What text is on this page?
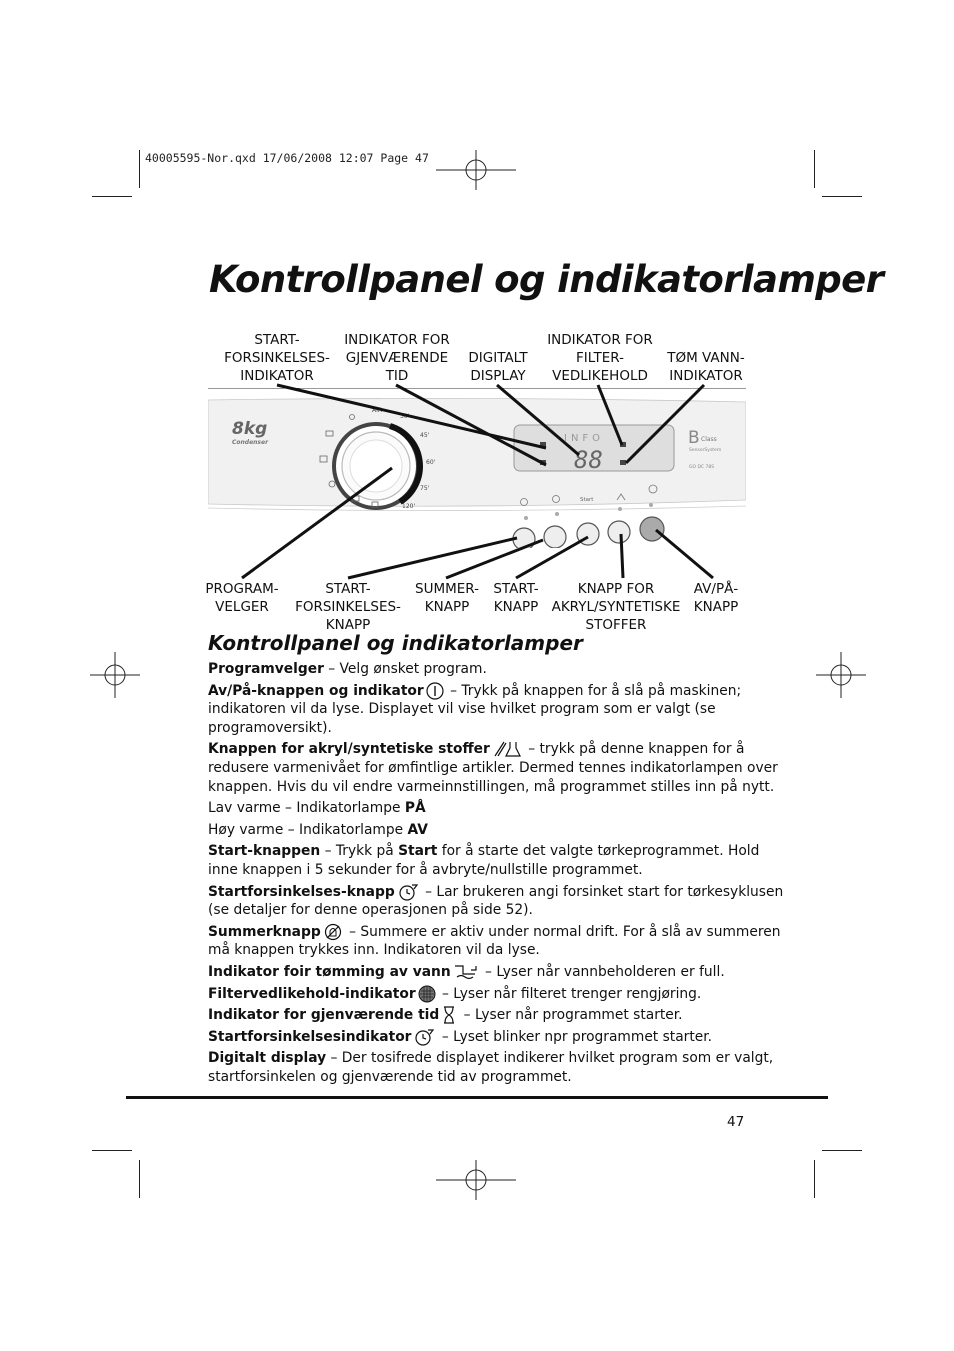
40005595-Nor.qxd 17/06/2008 12:07 Page 47
Kontrollpanel og indikatorlamper
START-
FORSINKELSES-
INDIKATOR
INDIKATOR FOR
GJENVÆRENDE
TID
DIGITALT
DISPLAY
INDIKATOR FOR
FILTER-
VEDLIKEHOLD
TØM VANN-
INDIKATOR
8kg
Condenser
AIR
30'
45'
60'
75'
120'
INFO
88
B Class
SensorSystem
GO DC 78S
Start
PROGRAM-
VELGER
START-
FORSINKELSES-
KNAPP
SUMMER-
KNAPP
START-
KNAPP
KNAPP FOR
AKRYL/SYNTETISKE
STOFFER
AV/PÅ-
KNAPP
Kontrollpanel og indikatorlamper

Programvelger – Velg ønsket program.

Av/På-knappen og indikator – Trykk på knappen for å slå på maskinen; indikatoren vil da lyse. Displayet vil vise hvilket program som er valgt (se programoversikt).

Knappen for akryl/syntetiske stoffer – trykk på denne knappen for å redusere varmenivået for ømfintlige artikler. Dermed tennes indikatorlampen over knappen. Hvis du vil endre varmeinnstillingen, må programmet stilles inn på nytt.

Lav varme – Indikatorlampe PÅ

Høy varme – Indikatorlampe AV

Start-knappen – Trykk på Start for å starte det valgte tørkeprogrammet. Hold inne knappen i 5 sekunder for å avbryte/nullstille programmet.

Startforsinkelses-knapp – Lar brukeren angi forsinket start for tørkesyklusen (se detaljer for denne operasjonen på side 52).

Summerknapp – Summere er aktiv under normal drift. For å slå av summeren må knappen trykkes inn. Indikatoren vil da lyse.

Indikator foir tømming av vann – Lyser når vannbeholderen er full.

Filtervedlikehold-indikator – Lyser når filteret trenger rengjøring.

Indikator for gjenværende tid – Lyser når programmet starter.

Startforsinkelsesindikator – Lyset blinker npr programmet starter.

Digitalt display – Der tosifrede displayet indikerer hvilket program som er valgt, startforsinkelen og gjenværende tid av programmet.

47
